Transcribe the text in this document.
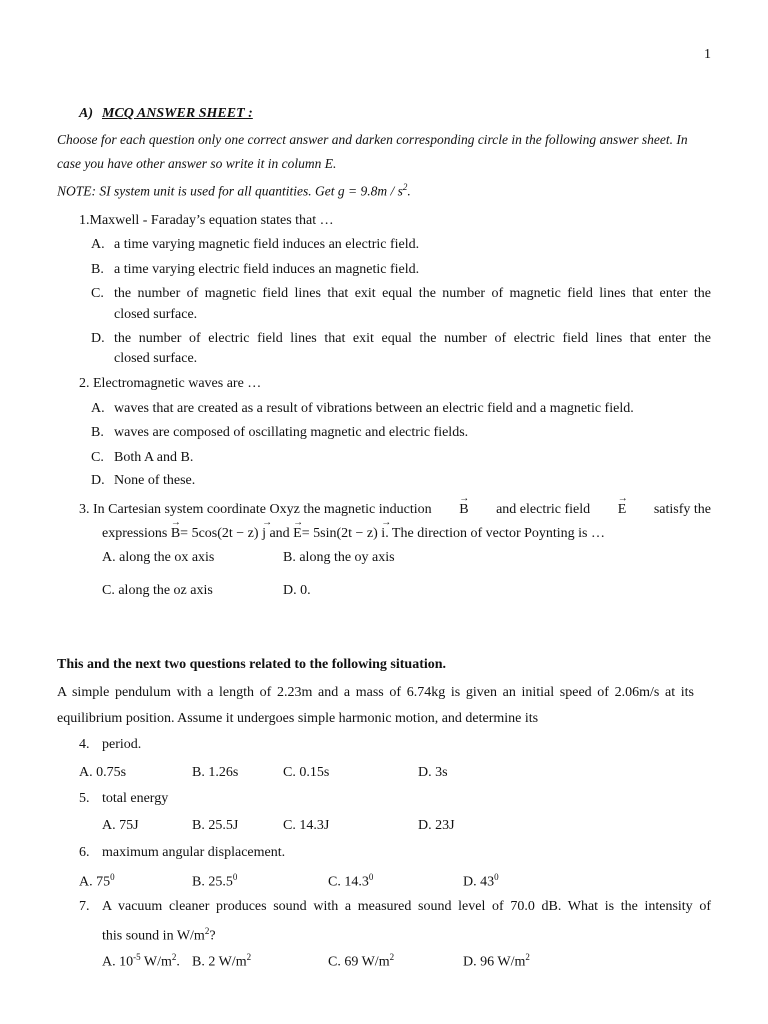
1
A) MCQ ANSWER SHEET :
Choose for each question only one correct answer and darken corresponding circle in the following answer sheet. In
case you have other answer so write it in column E.
NOTE: SI system unit is used for all quantities. Get $g = 9.8m / s^2$.
1.Maxwell - Faraday’s equation states that …
A. a time varying magnetic field induces an electric field.
B. a time varying electric field induces an magnetic field.
C. the number of magnetic field lines that exit equal the number of magnetic field lines that enter the
closed surface.
D. the number of electric field lines that exit equal the number of electric field lines that enter the
closed surface.
2. Electromagnetic waves are …
A. waves that are created as a result of vibrations between an electric field and a magnetic field.
B. waves are composed of oscillating magnetic and electric fields.
C. Both A and B.
D. None of these.
3. In Cartesian system coordinate Oxyz the magnetic induction → B and electric field → E satisfy the
expressions → B= 5cos(2t − z) → j and → E= 5sin(2t − z) → i. The direction of vector Poynting is …
A. along the ox axis	B. along the oy axis
C. along the oz axis	D. 0.
This and the next two questions related to the following situation.
A simple pendulum with a length of 2.23m and a mass of 6.74kg is given an initial speed of 2.06m/s at its
equilibrium position. Assume it undergoes simple harmonic motion, and determine its
4. period.
A. 0.75s	B. 1.26s	C. 0.15s	D. 3s
5. total energy
A. 75J	B. 25.5J	C. 14.3J	D. 23J
6. maximum angular displacement.
A. $75^0$	B. 25.5$^0$	C. 14.3$^0$	D. $43^0$
7. A vacuum cleaner produces sound with a measured sound level of 70.0 dB. What is the intensity of
this sound in $W/m^2$?
A. $10^{-5}$ $W/m^2$. B. 2 $W/m^2$	C. 69 $W/m^2$	D. 96 $W/m^2$
